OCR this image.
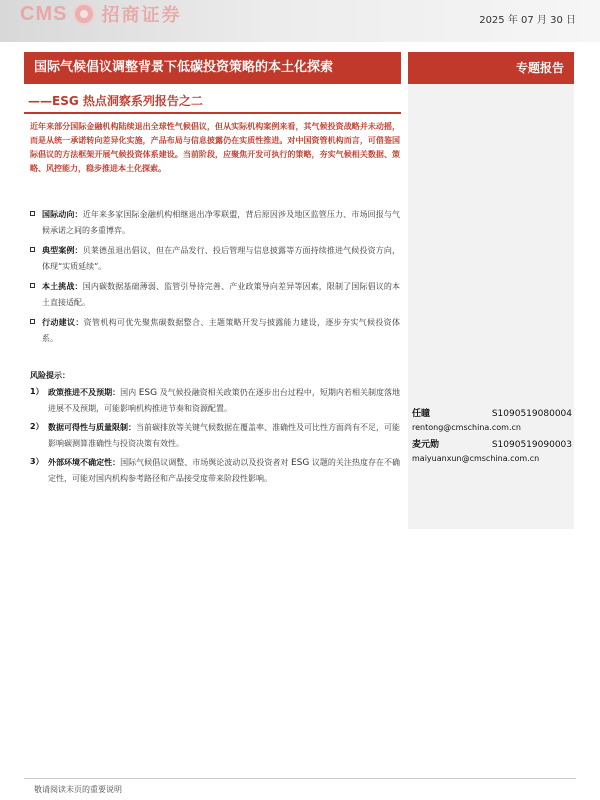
CMS 招商证券	2025 年 07 月 30 日
国际气候倡议调整背景下低碳投资策略的本土化探索	专题报告
——ESG 热点洞察系列报告之二
近年来部分国际金融机构陆续退出全球性气候倡议，但从实际机构案例来看，其气候投资战略并未动摇，而是从统一承诺转向差异化实施，产品布局与信息披露仍在实质性推进。对中国资管机构而言，可借鉴国际倡议的方法框架开展气候投资体系建设。当前阶段，应聚焦开发可执行的策略，夯实气候相关数据、策略、风控能力，稳步推进本土化探索。
国际动向：近年来多家国际金融机构相继退出净零联盟，背后原因涉及地区监管压力、市场回报与气候承诺之间的多重博弈。
典型案例：贝莱德虽退出倡议，但在产品发行、投后管理与信息披露等方面持续推进气候投资方向，体现“实质延续”。
本土挑战：国内碳数据基础薄弱、监管引导待完善、产业政策导向差异等因素，限制了国际倡议的本土直接适配。
行动建议：资管机构可优先聚焦碳数据整合、主题策略开发与披露能力建设，逐步夯实气候投资体系。
风险提示：
1） 政策推进不及预期：国内 ESG 及气候投融资相关政策仍在逐步出台过程中，短期内若相关制度落地进展不及预期，可能影响机构推进节奏和资源配置。
2） 数据可得性与质量限制：当前碳排放等关键气候数据在覆盖率、准确性及可比性方面尚有不足，可能影响碳测算准确性与投资决策有效性。
3） 外部环境不确定性：国际气候倡议调整、市场舆论波动以及投资者对 ESG 议题的关注热度存在不确定性，可能对国内机构参考路径和产品接受度带来阶段性影响。
任瞳	S1090519080004
rentong@cmschina.com.cn
麦元勋	S1090519090003
maiyuanxun@cmschina.com.cn
敬请阅读末页的重要说明
